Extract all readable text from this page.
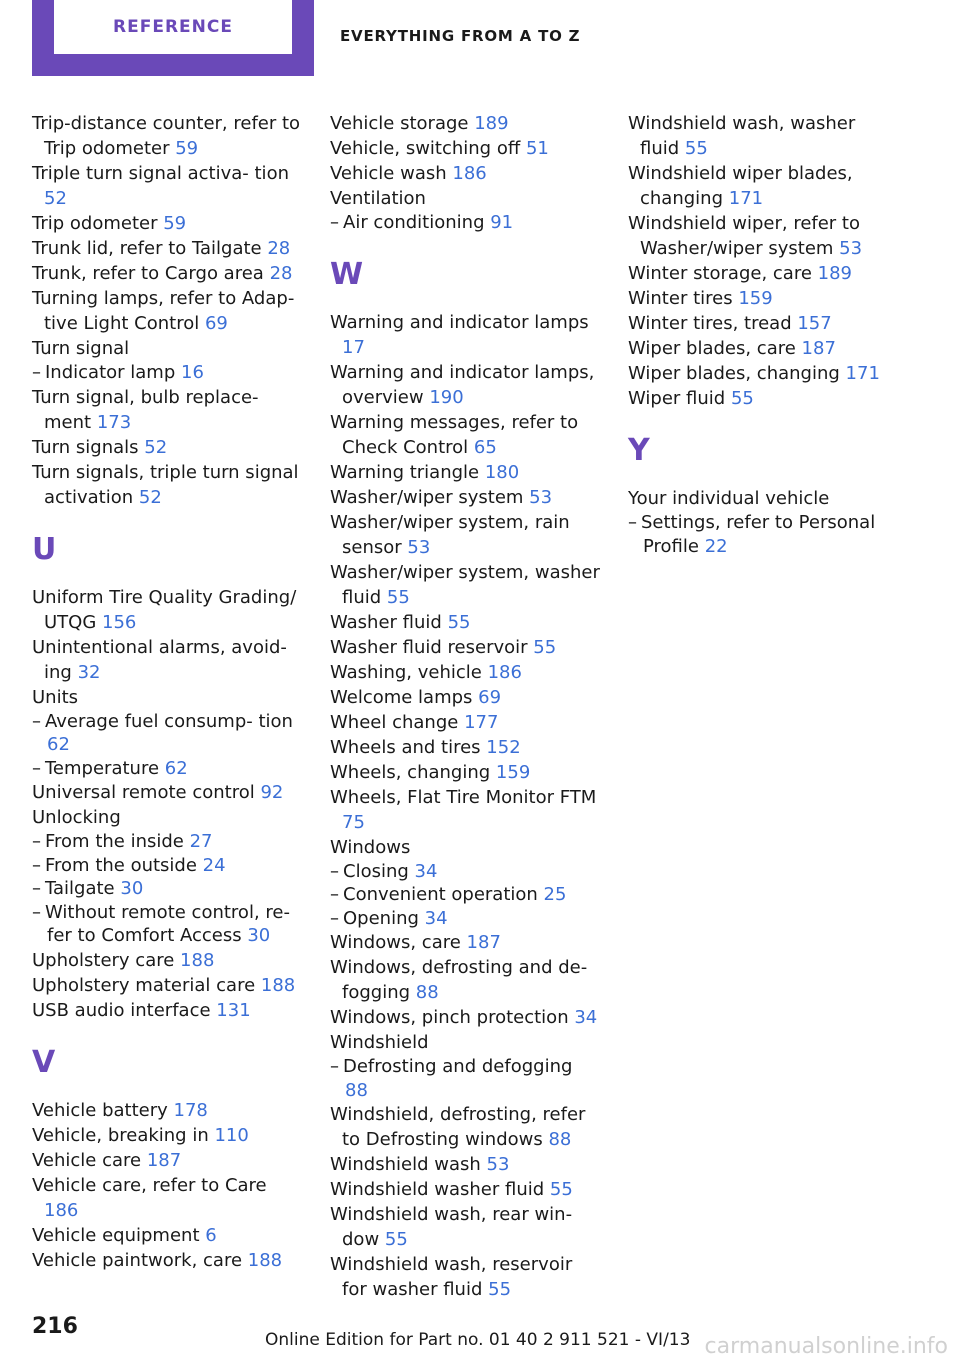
REFERENCE	EVERYTHING FROM A TO Z
Trip-distance counter, refer to Trip odometer 59
Triple turn signal activa‐ tion 52
Trip odometer 59
Trunk lid, refer to Tailgate 28
Trunk, refer to Cargo area 28
Turning lamps, refer to Adap‐ tive Light Control 69
Turn signal
– Indicator lamp 16
Turn signal, bulb replace‐ ment 173
Turn signals 52
Turn signals, triple turn signal activation 52
U
Uniform Tire Quality Grading/ UTQG 156
Unintentional alarms, avoid‐ ing 32
Units
– Average fuel consump‐ tion 62
– Temperature 62
Universal remote control 92
Unlocking
– From the inside 27
– From the outside 24
– Tailgate 30
– Without remote control, re‐ fer to Comfort Access 30
Upholstery care 188
Upholstery material care 188
USB audio interface 131
V
Vehicle battery 178
Vehicle, breaking in 110
Vehicle care 187
Vehicle care, refer to Care 186
Vehicle equipment 6
Vehicle paintwork, care 188
Vehicle storage 189
Vehicle, switching off 51
Vehicle wash 186
Ventilation
– Air conditioning 91
W
Warning and indicator lamps 17
Warning and indicator lamps, overview 190
Warning messages, refer to Check Control 65
Warning triangle 180
Washer/wiper system 53
Washer/wiper system, rain sensor 53
Washer/wiper system, washer fluid 55
Washer fluid 55
Washer fluid reservoir 55
Washing, vehicle 186
Welcome lamps 69
Wheel change 177
Wheels and tires 152
Wheels, changing 159
Wheels, Flat Tire Monitor FTM 75
Windows
– Closing 34
– Convenient operation 25
– Opening 34
Windows, care 187
Windows, defrosting and de‐ fogging 88
Windows, pinch protection 34
Windshield
– Defrosting and defogging 88
Windshield, defrosting, refer to Defrosting windows 88
Windshield wash 53
Windshield washer fluid 55
Windshield wash, rear win‐ dow 55
Windshield wash, reservoir for washer fluid 55
Windshield wash, washer fluid 55
Windshield wiper blades, changing 171
Windshield wiper, refer to Washer/wiper system 53
Winter storage, care 189
Winter tires 159
Winter tires, tread 157
Wiper blades, care 187
Wiper blades, changing 171
Wiper fluid 55
Y
Your individual vehicle
– Settings, refer to Personal Profile 22
216
Online Edition for Part no. 01 40 2 911 521 - VI/13 carmanualsonline.info
